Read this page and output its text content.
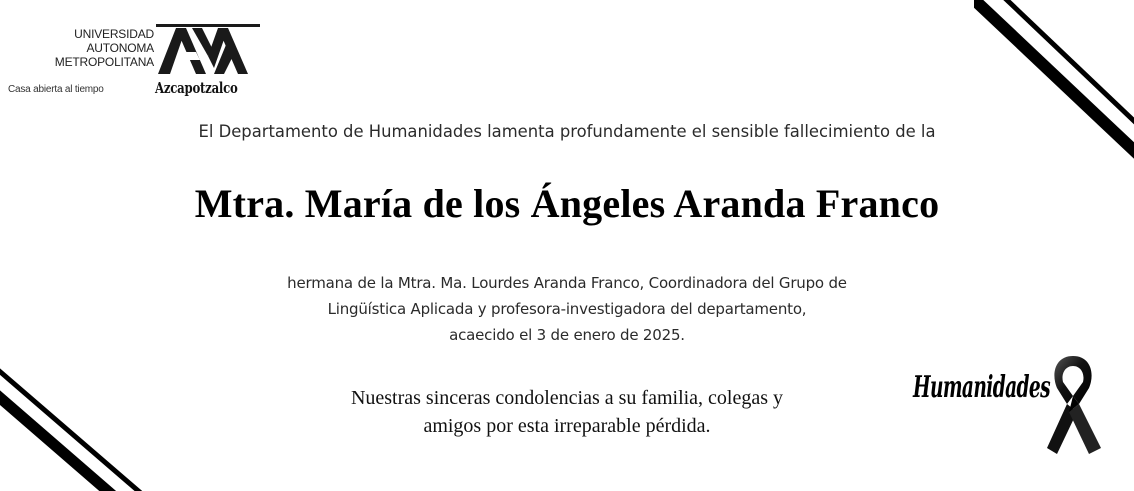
UNIVERSIDAD
AUTONOMA
METROPOLITANA
Casa abierta al tiempo	Azcapotzalco
El Departamento de Humanidades lamenta profundamente el sensible fallecimiento de la
Mtra. María de los Ángeles Aranda Franco
hermana de la Mtra. Ma. Lourdes Aranda Franco, Coordinadora del Grupo de
Lingüística Aplicada y profesora-investigadora del departamento,
acaecido el 3 de enero de 2025.
Nuestras sinceras condolencias a su familia, colegas y
amigos por esta irreparable pérdida.
Humanidades
